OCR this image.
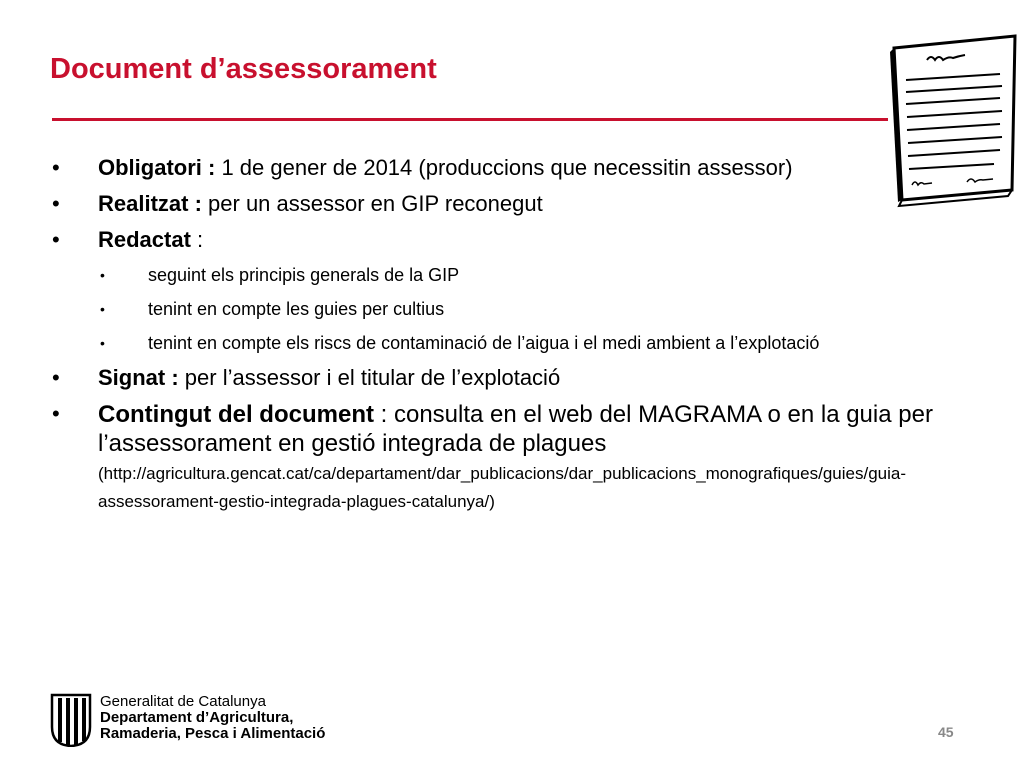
Document d’assessorament
• Obligatori : 1 de gener de 2014 (produccions que necessitin assessor)
• Realitzat : per un assessor en GIP reconegut
• Redactat :
• seguint els principis generals de la GIP
• tenint en compte les guies per cultius
• tenint en compte els riscs de contaminació de l’aigua i el medi ambient a l’explotació
• Signat : per l’assessor i el titular de l’explotació
• Contingut del document : consulta en el web del MAGRAMA o en la guia per l’assessorament en gestió integrada de plagues
(http://agricultura.gencat.cat/ca/departament/dar_publicacions/dar_publicacions_monografiques/guies/guia-assessorament-gestio-integrada-plagues-catalunya/)
Generalitat de Catalunya
Departament d’Agricultura,
Ramaderia, Pesca i Alimentació	45
